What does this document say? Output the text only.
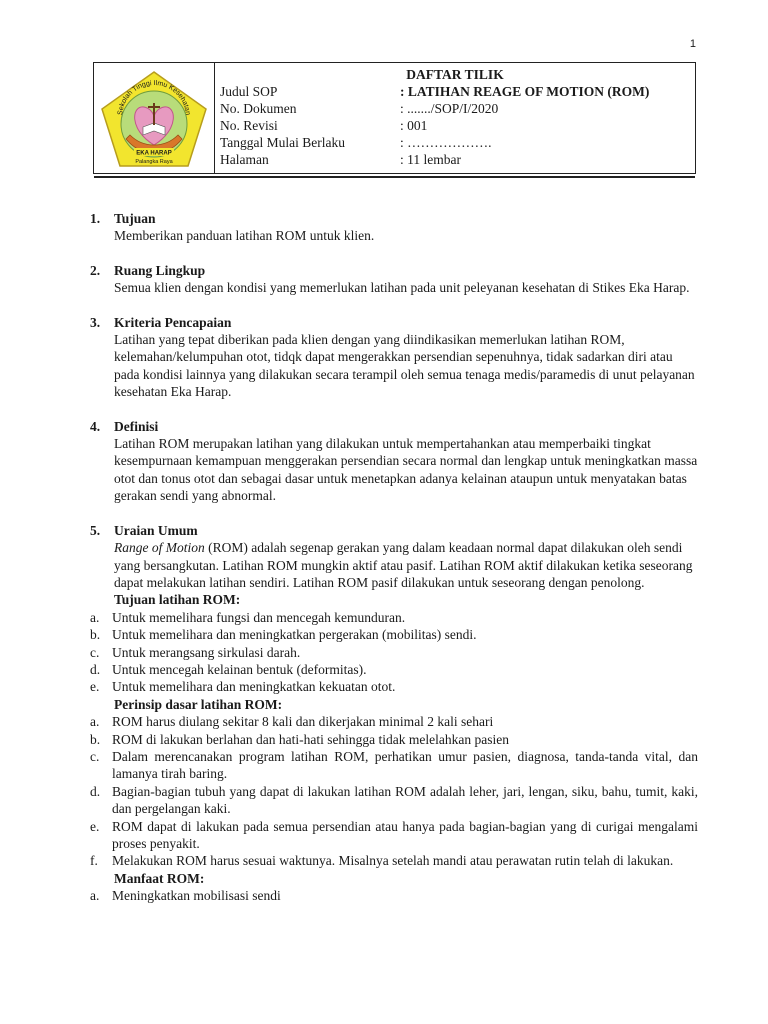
1
Sekolah Tinggi Ilmu Kesehatan
EKA HARAP
Palangka Raya
DAFTAR TILIK
Judul SOP	: LATIHAN REAGE OF MOTION (ROM)
No. Dokumen	: ......./SOP/I/2020
No. Revisi	: 001
Tanggal Mulai Berlaku	: ……………….
Halaman	: 11 lembar
1.	Tujuan
Memberikan panduan latihan ROM untuk klien.
2.	Ruang Lingkup
Semua klien dengan kondisi yang memerlukan latihan pada unit peleyanan kesehatan di Stikes Eka Harap.
3.	Kriteria Pencapaian
Latihan yang tepat diberikan pada klien dengan yang diindikasikan memerlukan latihan ROM, kelemahan/kelumpuhan otot, tidqk dapat mengerakkan persendian sepenuhnya, tidak sadarkan diri atau pada kondisi lainnya yang dilakukan secara terampil oleh semua tenaga medis/paramedis di unut pelayanan kesehatan Eka Harap.
4.	Definisi
Latihan ROM merupakan latihan yang dilakukan untuk mempertahankan atau memperbaiki tingkat kesempurnaan kemampuan menggerakan persendian secara normal dan lengkap untuk meningkatkan massa otot dan tonus otot dan sebagai dasar untuk menetapkan adanya kelainan ataupun untuk menyatakan batas gerakan sendi yang abnormal.
5.	Uraian Umum
Range of Motion (ROM) adalah segenap gerakan yang dalam keadaan normal dapat dilakukan oleh sendi yang bersangkutan. Latihan ROM mungkin aktif atau pasif. Latihan ROM aktif dilakukan ketika seseorang dapat melakukan latihan sendiri. Latihan ROM pasif dilakukan untuk seseorang dengan penolong.
Tujuan latihan ROM:
a. Untuk memelihara fungsi dan mencegah kemunduran.
b. Untuk memelihara dan meningkatkan pergerakan (mobilitas) sendi.
c. Untuk merangsang sirkulasi darah.
d. Untuk mencegah kelainan bentuk (deformitas).
e. Untuk memelihara dan meningkatkan kekuatan otot.
Perinsip dasar latihan ROM:
a. ROM harus diulang sekitar 8 kali dan dikerjakan minimal 2 kali sehari
b. ROM di lakukan berlahan dan hati-hati sehingga tidak melelahkan pasien
c. Dalam merencanakan program latihan ROM, perhatikan umur pasien, diagnosa, tanda-tanda vital, dan lamanya tirah baring.
d. Bagian-bagian tubuh yang dapat di lakukan latihan ROM adalah leher, jari, lengan, siku, bahu, tumit, kaki, dan pergelangan kaki.
e. ROM dapat di lakukan pada semua persendian atau hanya pada bagian-bagian yang di curigai mengalami proses penyakit.
f.	Melakukan ROM harus sesuai waktunya. Misalnya setelah mandi atau perawatan rutin telah di lakukan.
Manfaat ROM:
a. Meningkatkan mobilisasi sendi
